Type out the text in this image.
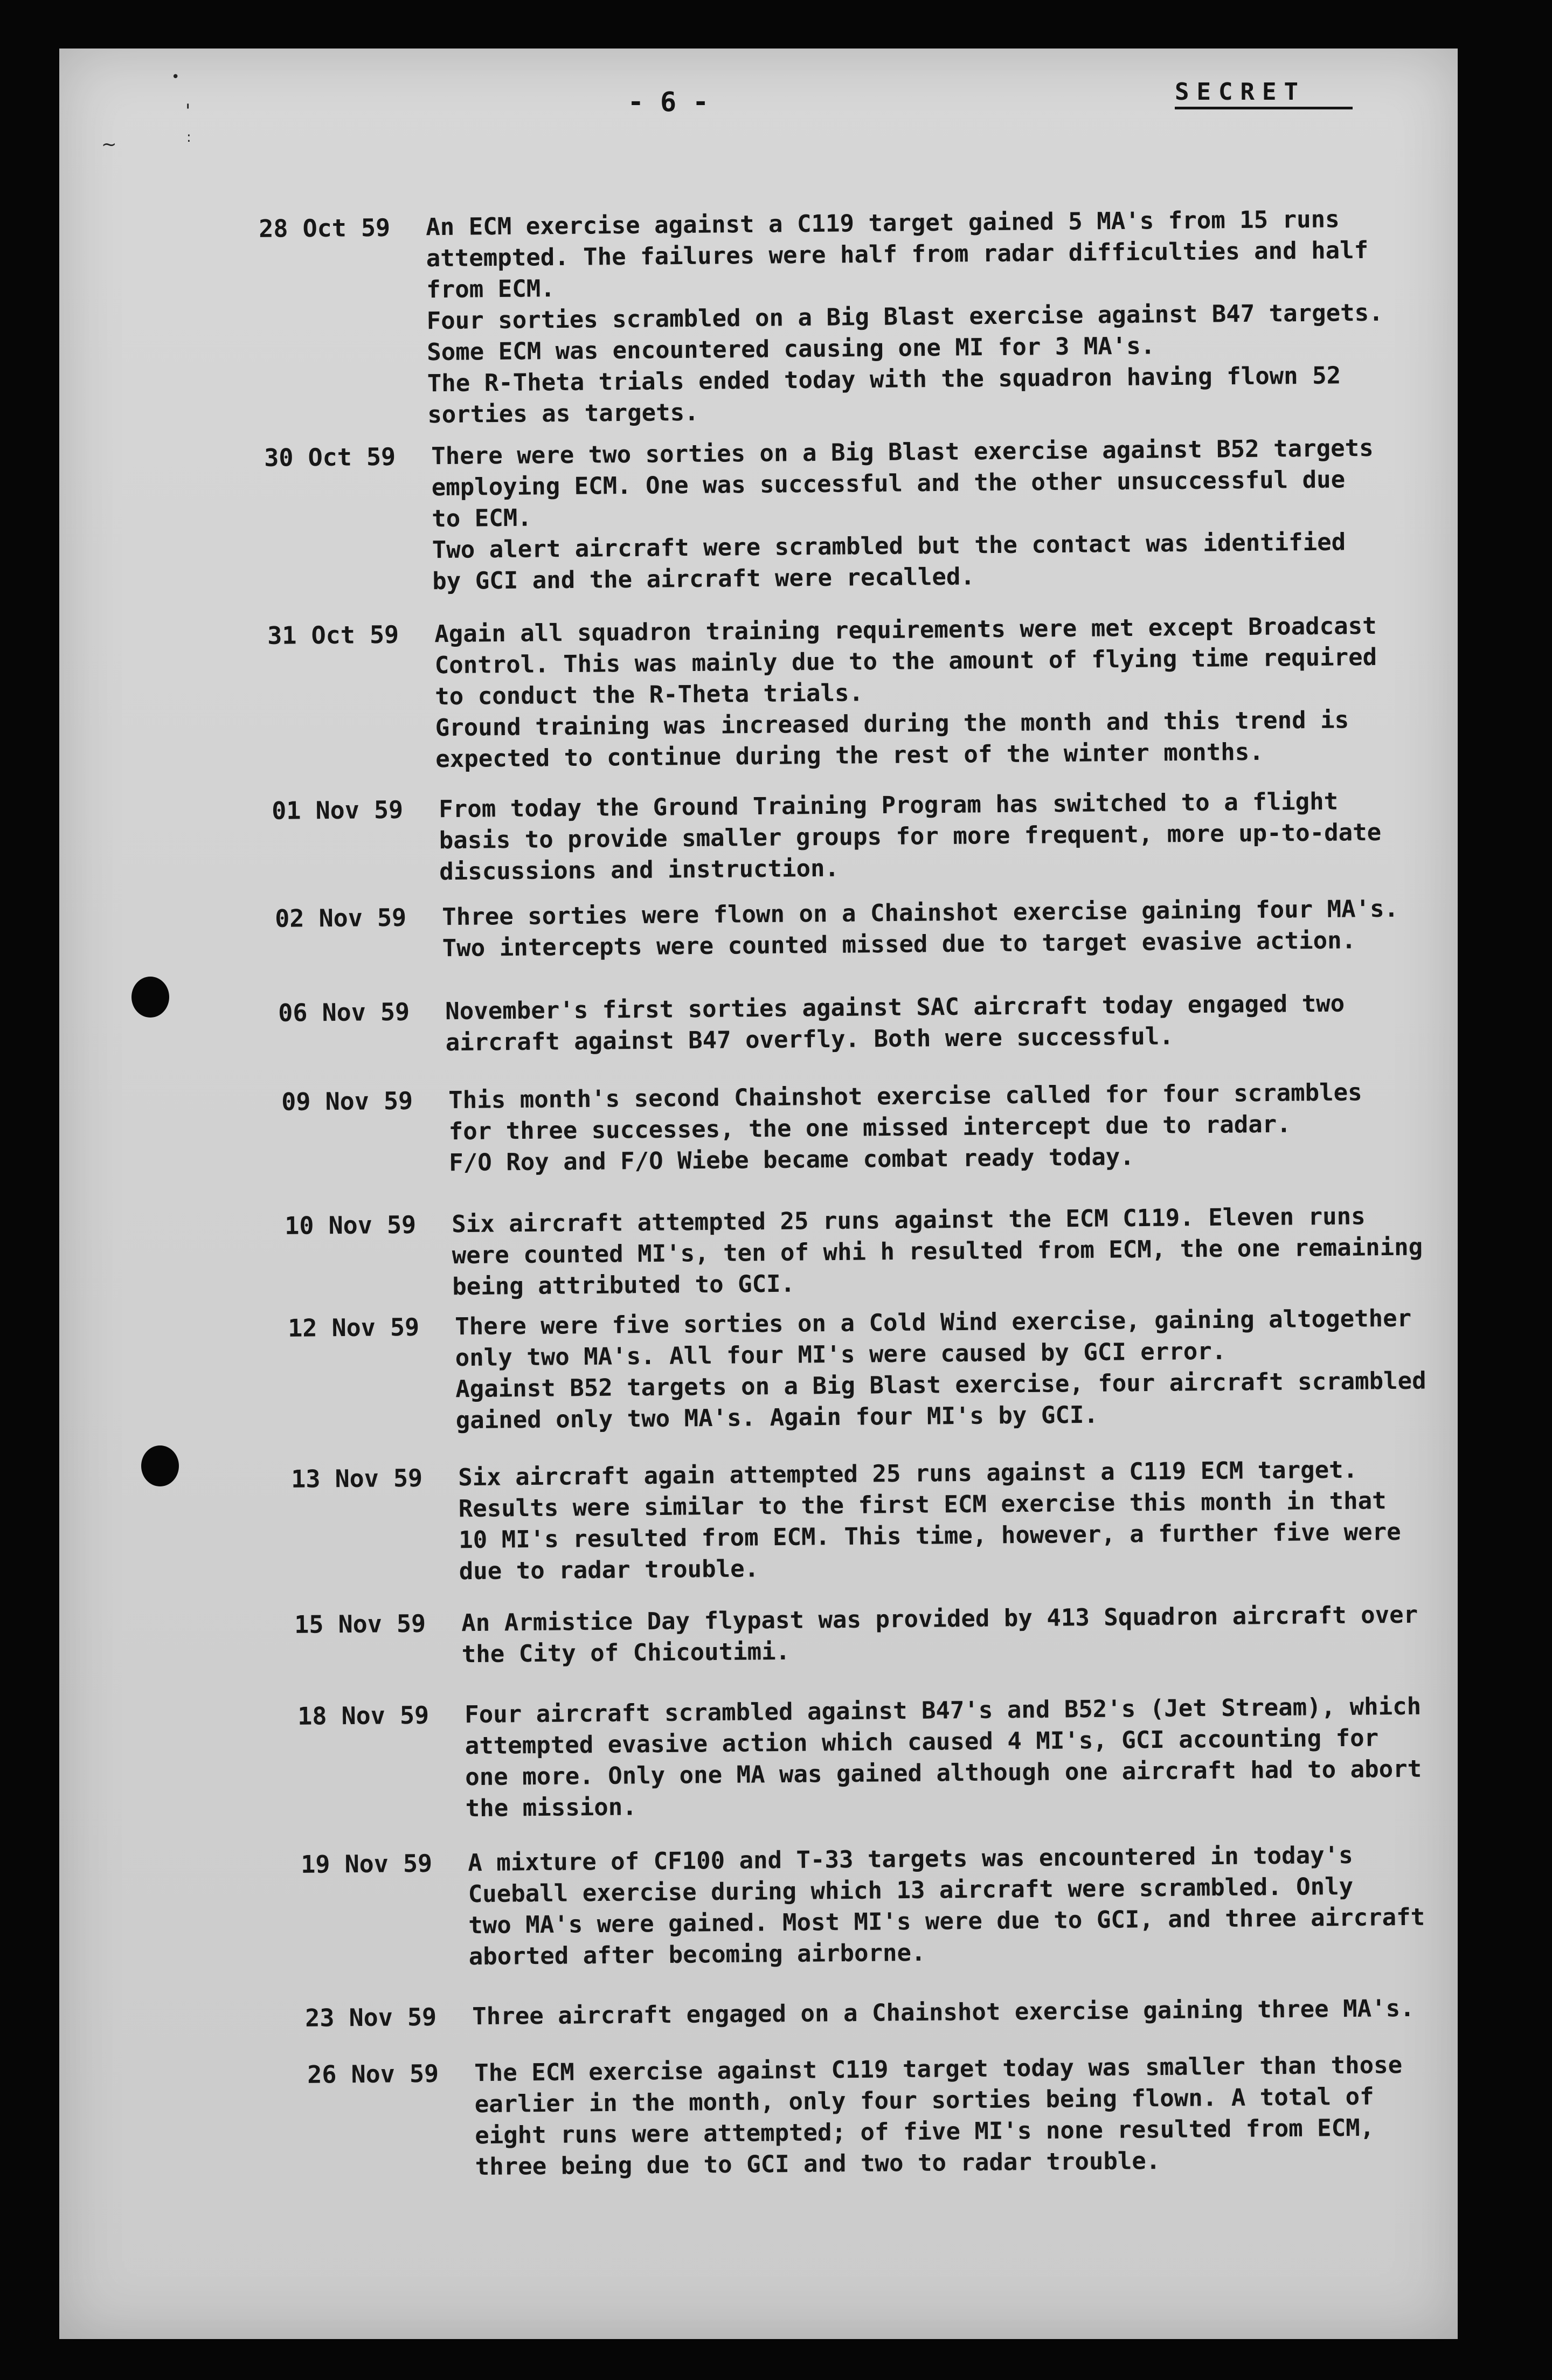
•
'
~	:
- 6 -	SECRET
28 Oct 59	An ECM exercise against a C119 target gained 5 MA's from 15 runs
attempted. The failures were half from radar difficulties and half
from ECM.
Four sorties scrambled on a Big Blast exercise against B47 targets.
Some ECM was encountered causing one MI for 3 MA's.
The R-Theta trials ended today with the squadron having flown 52
sorties as targets.
30 Oct 59	There were two sorties on a Big Blast exercise against B52 targets
employing ECM. One was successful and the other unsuccessful due
to ECM.
Two alert aircraft were scrambled but the contact was identified
by GCI and the aircraft were recalled.
31 Oct 59	Again all squadron training requirements were met except Broadcast
Control. This was mainly due to the amount of flying time required
to conduct the R-Theta trials.
Ground training was increased during the month and this trend is
expected to continue during the rest of the winter months.
01 Nov 59	From today the Ground Training Program has switched to a flight
basis to provide smaller groups for more frequent, more up-to-date
discussions and instruction.
02 Nov 59	Three sorties were flown on a Chainshot exercise gaining four MA's.
Two intercepts were counted missed due to target evasive action.
06 Nov 59	November's first sorties against SAC aircraft today engaged two
aircraft against B47 overfly. Both were successful.
09 Nov 59	This month's second Chainshot exercise called for four scrambles
for three successes, the one missed intercept due to radar.
F/O Roy and F/O Wiebe became combat ready today.
10 Nov 59	Six aircraft attempted 25 runs against the ECM C119. Eleven runs
were counted MI's, ten of whi h resulted from ECM, the one remaining
being attributed to GCI.
12 Nov 59	There were five sorties on a Cold Wind exercise, gaining altogether
only two MA's. All four MI's were caused by GCI error.
Against B52 targets on a Big Blast exercise, four aircraft scrambled
gained only two MA's. Again four MI's by GCI.
13 Nov 59	Six aircraft again attempted 25 runs against a C119 ECM target.
Results were similar to the first ECM exercise this month in that
10 MI's resulted from ECM. This time, however, a further five were
due to radar trouble.
15 Nov 59	An Armistice Day flypast was provided by 413 Squadron aircraft over
the City of Chicoutimi.
18 Nov 59	Four aircraft scrambled against B47's and B52's (Jet Stream), which
attempted evasive action which caused 4 MI's, GCI accounting for
one more. Only one MA was gained although one aircraft had to abort
the mission.
19 Nov 59	A mixture of CF100 and T-33 targets was encountered in today's
Cueball exercise during which 13 aircraft were scrambled. Only
two MA's were gained. Most MI's were due to GCI, and three aircraft
aborted after becoming airborne.
23 Nov 59	Three aircraft engaged on a Chainshot exercise gaining three MA's.
26 Nov 59	The ECM exercise against C119 target today was smaller than those
earlier in the month, only four sorties being flown. A total of
eight runs were attempted; of five MI's none resulted from ECM,
three being due to GCI and two to radar trouble.
